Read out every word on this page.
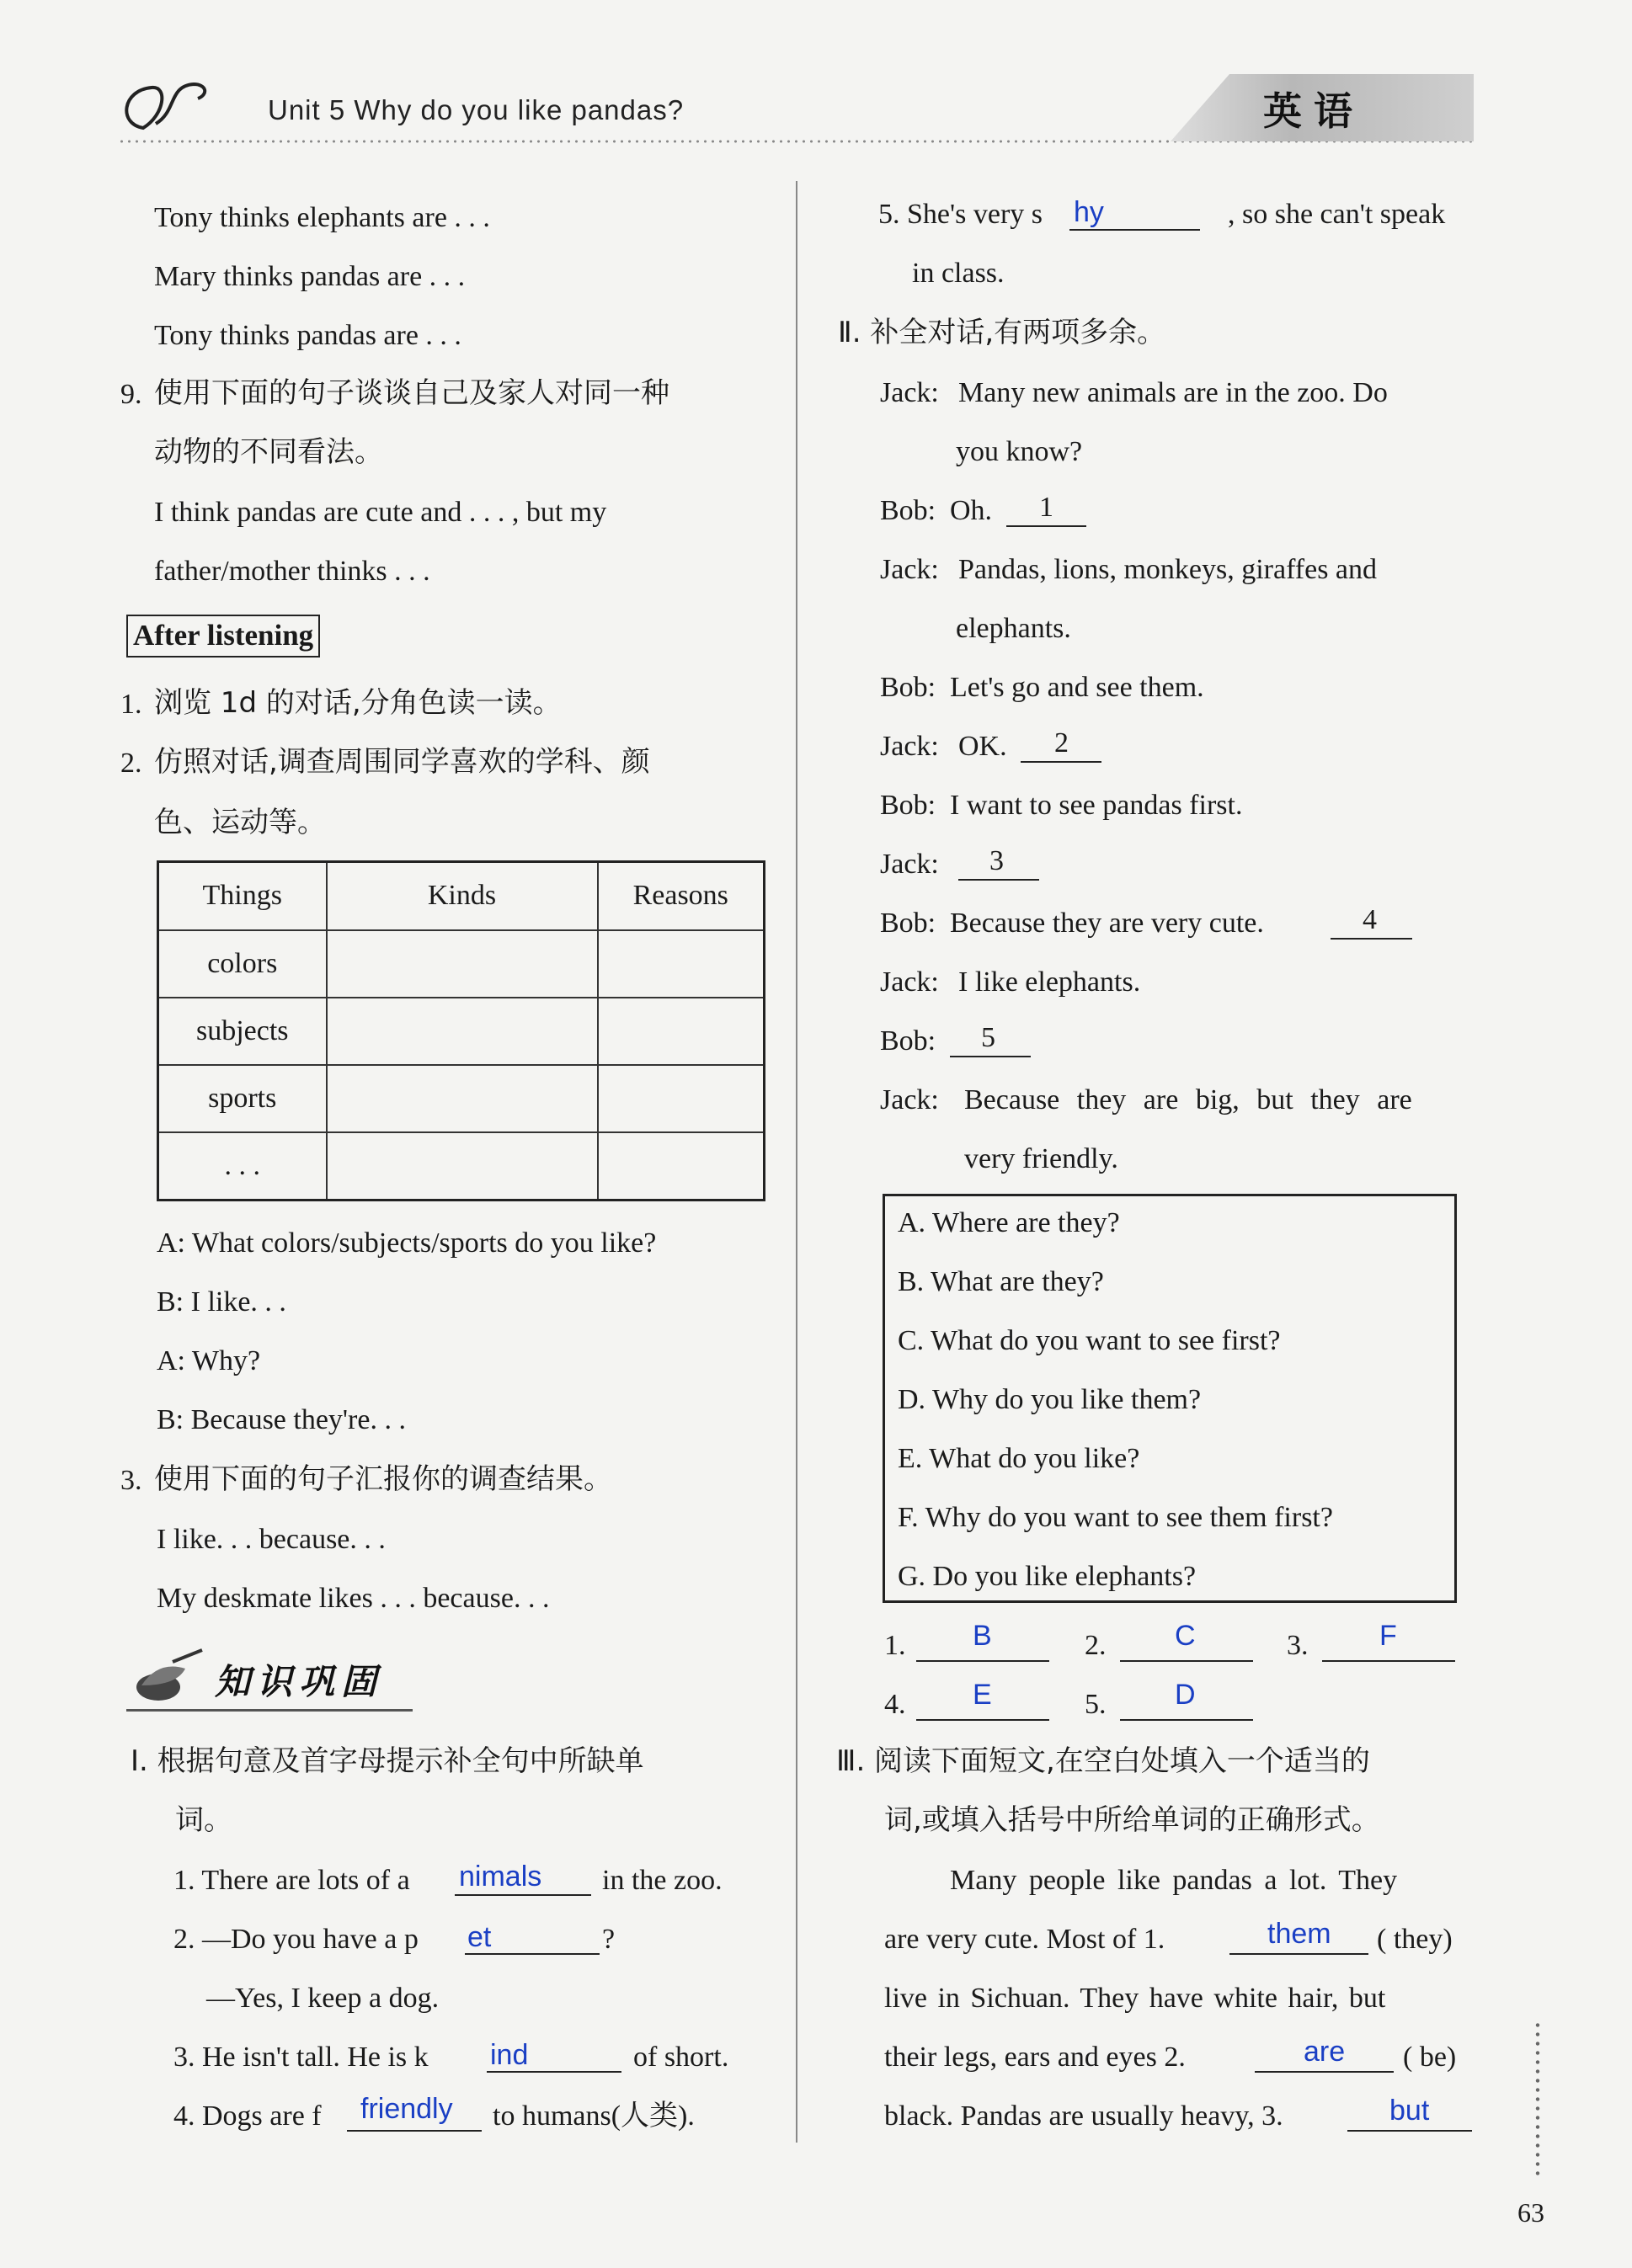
Unit 5 Why do you like pandas?	英语
Tony thinks elephants are . . .
Mary thinks pandas are . . .
Tony thinks pandas are . . .
9. 使用下面的句子谈谈自己及家人对同一种
动物的不同看法。
I think pandas are cute and . . . , but my
father/mother thinks . . .
After listening
1. 浏览 1d 的对话,分角色读一读。
2. 仿照对话,调查周围同学喜欢的学科、颜
色、运动等。
Things	Kinds	Reasons
colors		
subjects		
sports		
. . .		
A: What colors/subjects/sports do you like?
B: I like. . .
A: Why?
B: Because they're. . .
3. 使用下面的句子汇报你的调查结果。
I like. . . because. . .
My deskmate likes . . . because. . .
知识巩固
Ⅰ. 根据句意及首字母提示补全句中所缺单
词。
1. There are lots of a nimals in the zoo.
2. —Do you have a p et	?
—Yes, I keep a dog.
3. He isn't tall. He is k ind	of short.
4. Dogs are f friendly to humans(人类).
5. She's very s hy	, so she can't speak
in class.
Ⅱ. 补全对话,有两项多余。
Jack: Many new animals are in the zoo. Do
you know?
Bob: Oh. 1
Jack: Pandas, lions, monkeys, giraffes and
elephants.
Bob: Let's go and see them.
Jack: OK. 2
Bob: I want to see pandas first.
Jack: 3
Bob: Because they are very cute.	4
Jack: I like elephants.
Bob: 5
Jack: Because they are big, but they are
very friendly.
A. Where are they?
B. What are they?
C. What do you want to see first?
D. Why do you like them?
E. What do you like?
F. Why do you want to see them first?
G. Do you like elephants?
1. B	2. C	3. F
4. E	5. D
Ⅲ. 阅读下面短文,在空白处填入一个适当的
词,或填入括号中所给单词的正确形式。
Many people like pandas a lot. They
are very cute. Most of 1.	them ( they)
live in Sichuan. They have white hair, but
their legs, ears and eyes 2.	are ( be)
black. Pandas are usually heavy, 3.	but
63
